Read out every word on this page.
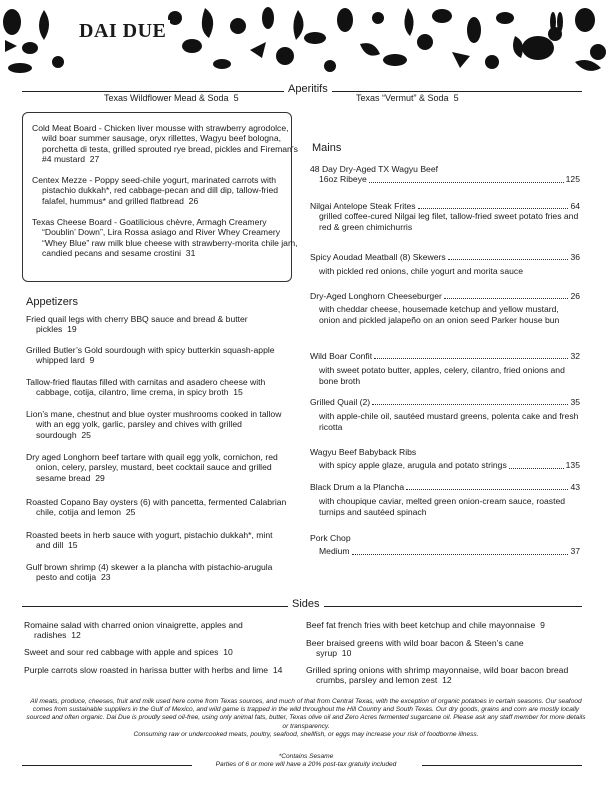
DAI DUE
Aperitifs
Texas Wildflower Mead & Soda 5	Texas “Vermut” & Soda 5
Cold Meat Board - Chicken liver mousse with strawberry agrodolce, wild boar summer sausage, oryx rillettes, Wagyu beef bologna, porchetta di testa, grilled sprouted rye bread, pickles and Fireman’s #4 mustard 27
Centex Mezze - Poppy seed-chile yogurt, marinated carrots with pistachio dukkah*, red cabbage-pecan and dill dip, tallow-fried falafel, hummus* and grilled flatbread 26
Texas Cheese Board - Goatilicious chèvre, Armagh Creamery “Doublin’ Down”, Lira Rossa asiago and River Whey Creamery “Whey Blue” raw milk blue cheese with strawberry-morita chile jam, candied pecans and sesame crostini 31
Appetizers
Fried quail legs with cherry BBQ sauce and bread & butter pickles 19
Grilled Butler’s Gold sourdough with spicy butterkin squash-apple whipped lard 9
Tallow-fried flautas filled with carnitas and asadero cheese with cabbage, cotija, cilantro, lime crema, in spicy broth 15
Lion’s mane, chestnut and blue oyster mushrooms cooked in tallow with an egg yolk, garlic, parsley and chives with grilled sourdough 25
Dry aged Longhorn beef tartare with quail egg yolk, cornichon, red onion, celery, parsley, mustard, beet cocktail sauce and grilled sesame bread 29
Roasted Copano Bay oysters (6) with pancetta, fermented Calabrian chile, cotija and lemon 25
Roasted beets in herb sauce with yogurt, pistachio dukkah*, mint and dill 15
Gulf brown shrimp (4) skewer a la plancha with pistachio-arugula pesto and cotija 23
Mains
48 Day Dry-Aged TX Wagyu Beef
16oz Ribeye	125
Nilgai Antelope Steak Frites	64
grilled coffee-cured Nilgai leg filet, tallow-fried sweet potato fries and red & green chimichurris
Spicy Aoudad Meatball (8) Skewers	36
with pickled red onions, chile yogurt and morita sauce
Dry-Aged Longhorn Cheeseburger	26
with cheddar cheese, housemade ketchup and yellow mustard, onion and pickled jalapeño on an onion seed Parker house bun
Wild Boar Confit	32
with sweet potato butter, apples, celery, cilantro, fried onions and bone broth
Grilled Quail (2)	35
with apple-chile oil, sautéed mustard greens, polenta cake and fresh ricotta
Wagyu Beef Babyback Ribs
with spicy apple glaze, arugula and potato strings	135
Black Drum a la Plancha	43
with choupique caviar, melted green onion-cream sauce, roasted turnips and sautéed spinach
Pork Chop
Medium	37
Sides
Romaine salad with charred onion vinaigrette, apples and radishes 12
Sweet and sour red cabbage with apple and spices 10
Purple carrots slow roasted in harissa butter with herbs and lime 14
Beef fat french fries with beet ketchup and chile mayonnaise 9
Beer braised greens with wild boar bacon & Steen’s cane syrup 10
Grilled spring onions with shrimp mayonnaise, wild boar bacon bread crumbs, parsley and lemon zest 12
All meats, produce, cheeses, fruit and milk used here come from Texas sources, and much of that from Central Texas, with the exception of organic potatoes in certain seasons. Our seafood comes from sustainable suppliers in the Gulf of Mexico, and wild game is trapped in the wild throughout the Hill Country and South Texas. Our dry goods, grains and corn are mostly locally sourced and often organic. Dai Due is proudly seed oil-free, using only animal fats, butter, Texas olive oil and Zero Acres fermented sugarcane oil. Please ask any staff member for more details or transparency.
Consuming raw or undercooked meats, poultry, seafood, shellfish, or eggs may increase your risk of foodborne illness.
*Contains Sesame
Parties of 6 or more will have a 20% post-tax gratuity included
